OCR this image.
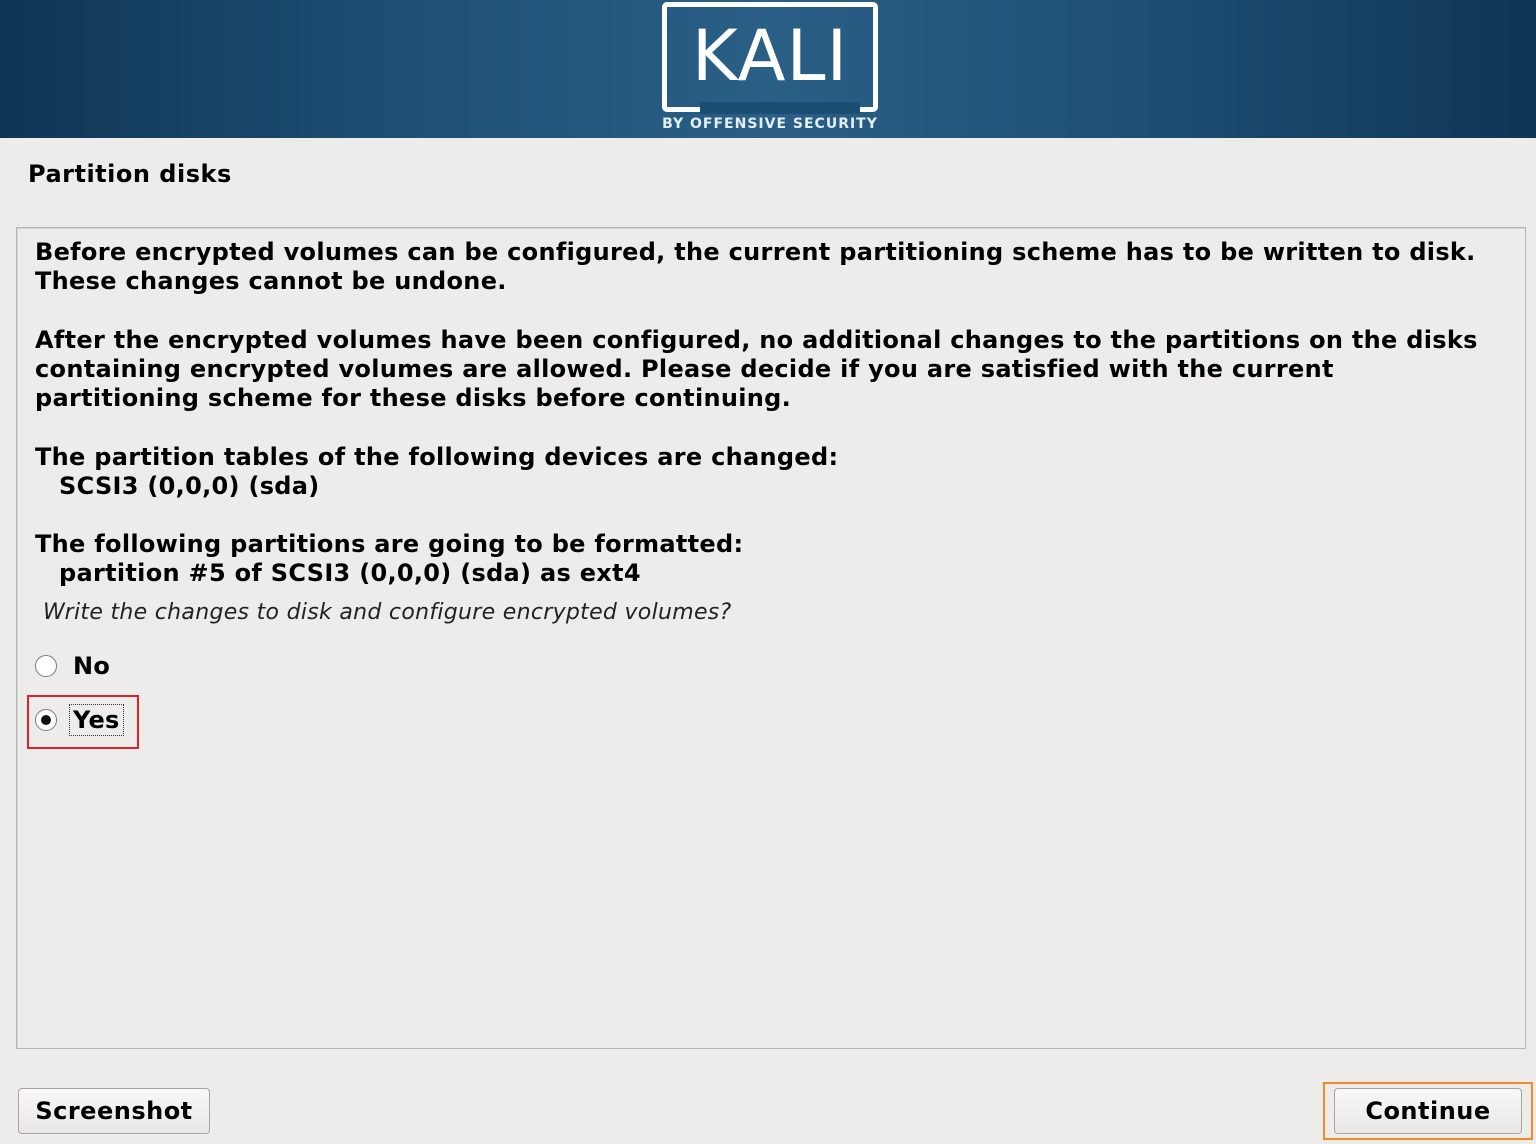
KALI
BY OFFENSIVE SECURITY
Partition disks
Before encrypted volumes can be configured, the current partitioning scheme has to be written to disk.
These changes cannot be undone.
After the encrypted volumes have been configured, no additional changes to the partitions on the disks
containing encrypted volumes are allowed. Please decide if you are satisfied with the current
partitioning scheme for these disks before continuing.
The partition tables of the following devices are changed:
SCSI3 (0,0,0) (sda)
The following partitions are going to be formatted:
partition #5 of SCSI3 (0,0,0) (sda) as ext4
Write the changes to disk and configure encrypted volumes?
No
Yes
Screenshot	Continue
